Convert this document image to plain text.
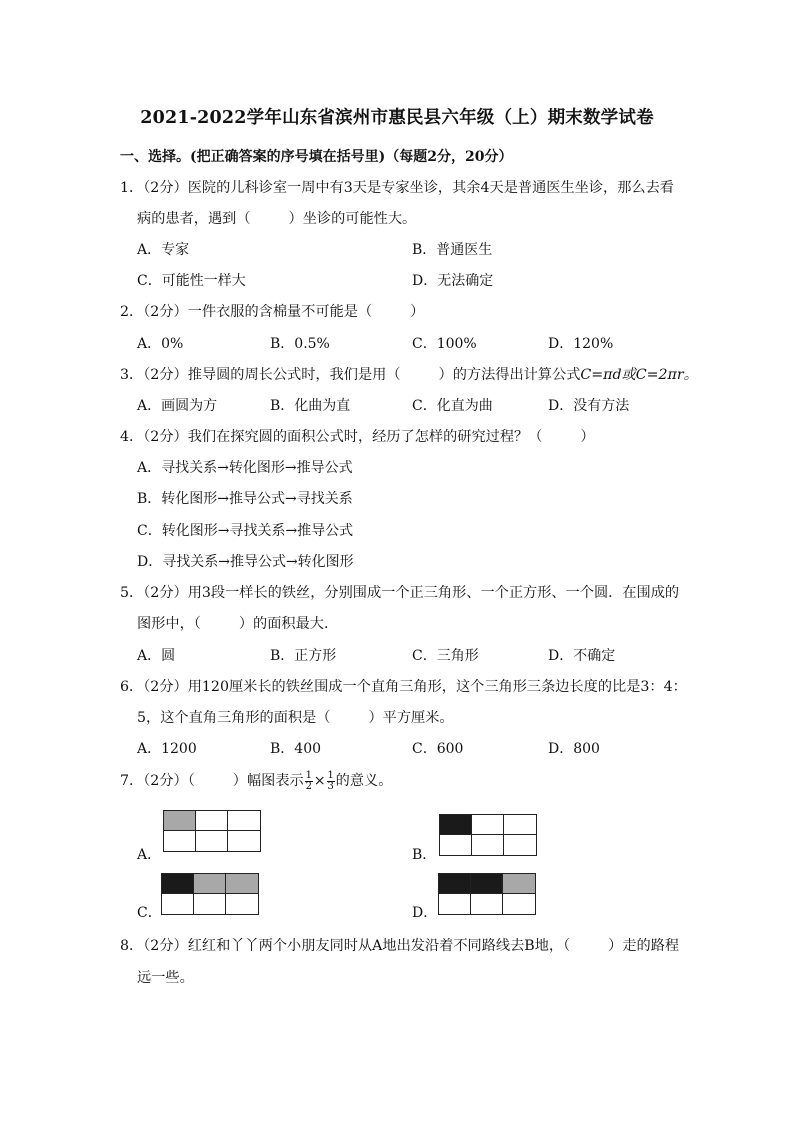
2021-2022学年山东省滨州市惠民县六年级（上）期末数学试卷
一、选择。(把正确答案的序号填在括号里)（每题2分，20分）
1．（2分）医院的儿科诊室一周中有3天是专家坐诊，其余4天是普通医生坐诊，那么去看
病的患者，遇到（	）坐诊的可能性大。
A．专家	B．普通医生
C．可能性一样大	D．无法确定
2．（2分）一件衣服的含棉量不可能是（	）
A．0%	B．0.5%	C．100%	D．120%
3．（2分）推导圆的周长公式时，我们是用（	）的方法得出计算公式C=πd或C=2πr。
A．画圆为方	B．化曲为直	C．化直为曲	D．没有方法
4．（2分）我们在探究圆的面积公式时，经历了怎样的研究过程？（	）
A．寻找关系→转化图形→推导公式
B．转化图形→推导公式→寻找关系
C．转化图形→寻找关系→推导公式
D．寻找关系→推导公式→转化图形
5．（2分）用3段一样长的铁丝，分别围成一个正三角形、一个正方形、一个圆．在围成的
图形中，（	）的面积最大．
A．圆	B．正方形	C．三角形	D．不确定
6．（2分）用120厘米长的铁丝围成一个直角三角形，这个三角形三条边长度的比是3：4：
5，这个直角三角形的面积是（	）平方厘米。
A．1200	B．400	C．600	D．800
7．（2分）（	）幅图表示 $\frac{1}{2} \times \frac{1}{3}$ 的意义。
A．	B．
C．	D．
8．（2分）红红和丫丫两个小朋友同时从A地出发沿着不同路线去B地，（	）走的路程
远一些。
